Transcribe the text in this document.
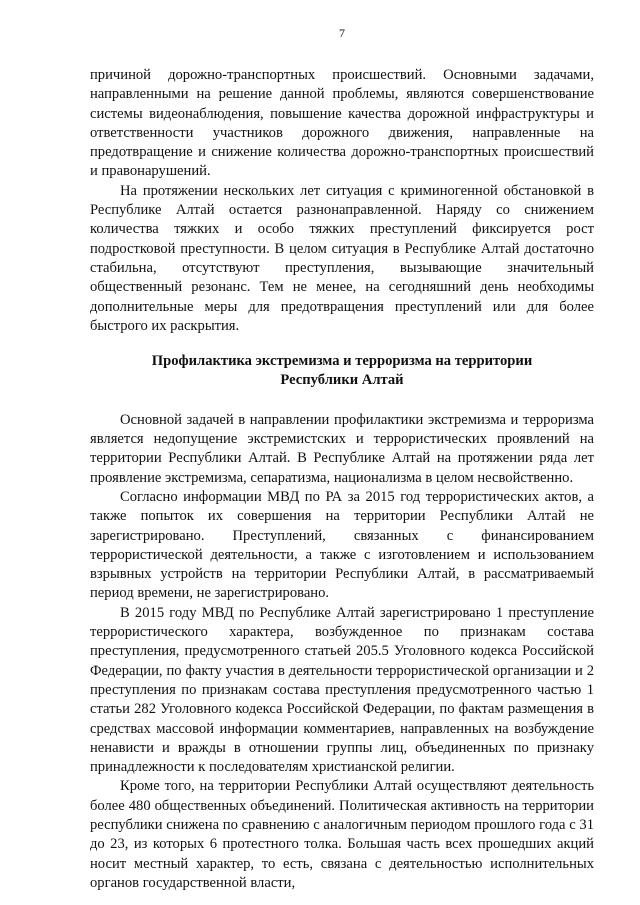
7

причиной дорожно-транспортных происшествий. Основными задачами, направленными на решение данной проблемы, являются совершенствование системы видеонаблюдения, повышение качества дорожной инфраструктуры и ответственности участников дорожного движения, направленные на предотвращение и снижение количества дорожно-транспортных происшествий и правонарушений.

На протяжении нескольких лет ситуация с криминогенной обстановкой в Республике Алтай остается разнонаправленной. Наряду со снижением количества тяжких и особо тяжких преступлений фиксируется рост подростковой преступности. В целом ситуация в Республике Алтай достаточно стабильна, отсутствуют преступления, вызывающие значительный общественный резонанс. Тем не менее, на сегодняшний день необходимы дополнительные меры для предотвращения преступлений или для более быстрого их раскрытия.

Профилактика экстремизма и терроризма на территории
Республики Алтай

Основной задачей в направлении профилактики экстремизма и терроризма является недопущение экстремистских и террористических проявлений на территории Республики Алтай. В Республике Алтай на протяжении ряда лет проявление экстремизма, сепаратизма, национализма в целом несвойственно.

Согласно информации МВД по РА за 2015 год террористических актов, а также попыток их совершения на территории Республики Алтай не зарегистрировано. Преступлений, связанных с финансированием террористической деятельности, а также с изготовлением и использованием взрывных устройств на территории Республики Алтай, в рассматриваемый период времени, не зарегистрировано.

В 2015 году МВД по Республике Алтай зарегистрировано 1 преступление террористического характера, возбужденное по признакам состава преступления, предусмотренного статьей 205.5 Уголовного кодекса Российской Федерации, по факту участия в деятельности террористической организации и 2 преступления по признакам состава преступления предусмотренного частью 1 статьи 282 Уголовного кодекса Российской Федерации, по фактам размещения в средствах массовой информации комментариев, направленных на возбуждение ненависти и вражды в отношении группы лиц, объединенных по признаку принадлежности к последователям христианской религии.

Кроме того, на территории Республики Алтай осуществляют деятельность более 480 общественных объединений. Политическая активность на территории республики снижена по сравнению с аналогичным периодом прошлого года с 31 до 23, из которых 6 протестного толка. Большая часть всех прошедших акций носит местный характер, то есть, связана с деятельностью исполнительных органов государственной власти,
